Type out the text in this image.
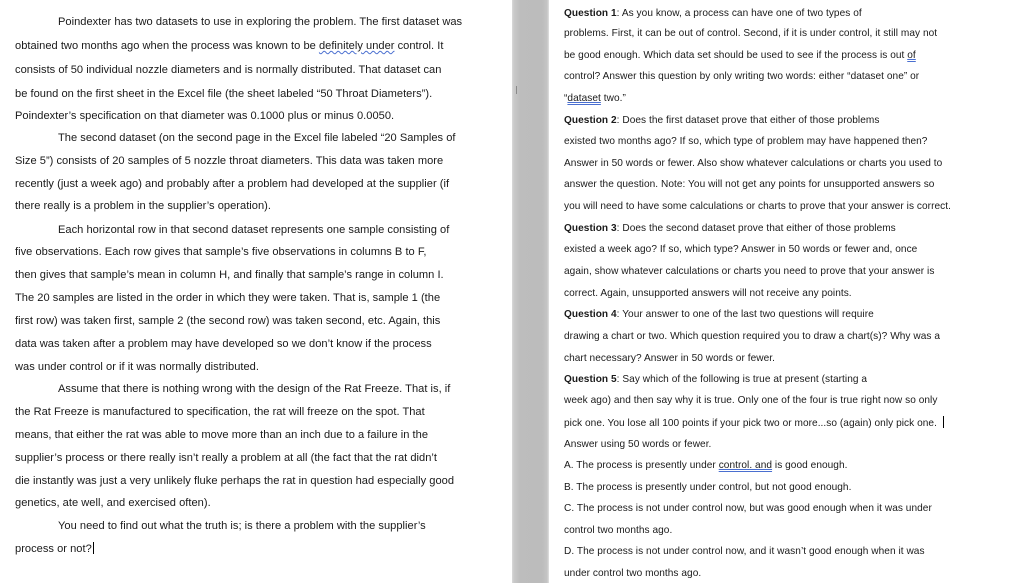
Poindexter has two datasets to use in exploring the problem. The first dataset was
obtained two months ago when the process was known to be definitely under control. It
consists of 50 individual nozzle diameters and is normally distributed. That dataset can
be found on the first sheet in the Excel file (the sheet labeled “50 Throat Diameters”).
Poindexter’s specification on that diameter was 0.1000 plus or minus 0.0050.
The second dataset (on the second page in the Excel file labeled “20 Samples of
Size 5”) consists of 20 samples of 5 nozzle throat diameters. This data was taken more
recently (just a week ago) and probably after a problem had developed at the supplier (if
there really is a problem in the supplier’s operation).
Each horizontal row in that second dataset represents one sample consisting of
five observations. Each row gives that sample’s five observations in columns B to F,
then gives that sample’s mean in column H, and finally that sample’s range in column I.
The 20 samples are listed in the order in which they were taken. That is, sample 1 (the
first row) was taken first, sample 2 (the second row) was taken second, etc. Again, this
data was taken after a problem may have developed so we don’t know if the process
was under control or if it was normally distributed.
Assume that there is nothing wrong with the design of the Rat Freeze. That is, if
the Rat Freeze is manufactured to specification, the rat will freeze on the spot. That
means, that either the rat was able to move more than an inch due to a failure in the
supplier’s process or there really isn’t really a problem at all (the fact that the rat didn’t
die instantly was just a very unlikely fluke perhaps the rat in question had especially good
genetics, ate well, and exercised often).
You need to find out what the truth is; is there a problem with the supplier’s
process or not?
Question 1: As you know, a process can have one of two types of
problems. First, it can be out of control. Second, if it is under control, it still may not
be good enough. Which data set should be used to see if the process is out of
control? Answer this question by only writing two words: either “dataset one” or
“dataset two.”
Question 2: Does the first dataset prove that either of those problems
existed two months ago? If so, which type of problem may have happened then?
Answer in 50 words or fewer. Also show whatever calculations or charts you used to
answer the question. Note: You will not get any points for unsupported answers so
you will need to have some calculations or charts to prove that your answer is correct.
Question 3: Does the second dataset prove that either of those problems
existed a week ago? If so, which type? Answer in 50 words or fewer and, once
again, show whatever calculations or charts you need to prove that your answer is
correct. Again, unsupported answers will not receive any points.
Question 4: Your answer to one of the last two questions will require
drawing a chart or two. Which question required you to draw a chart(s)? Why was a
chart necessary? Answer in 50 words or fewer.
Question 5: Say which of the following is true at present (starting a
week ago) and then say why it is true. Only one of the four is true right now so only
pick one. You lose all 100 points if your pick two or more...so (again) only pick one.
Answer using 50 words or fewer.
A. The process is presently under control. and is good enough.
B. The process is presently under control, but not good enough.
C. The process is not under control now, but was good enough when it was under
control two months ago.
D. The process is not under control now, and it wasn’t good enough when it was
under control two months ago.
